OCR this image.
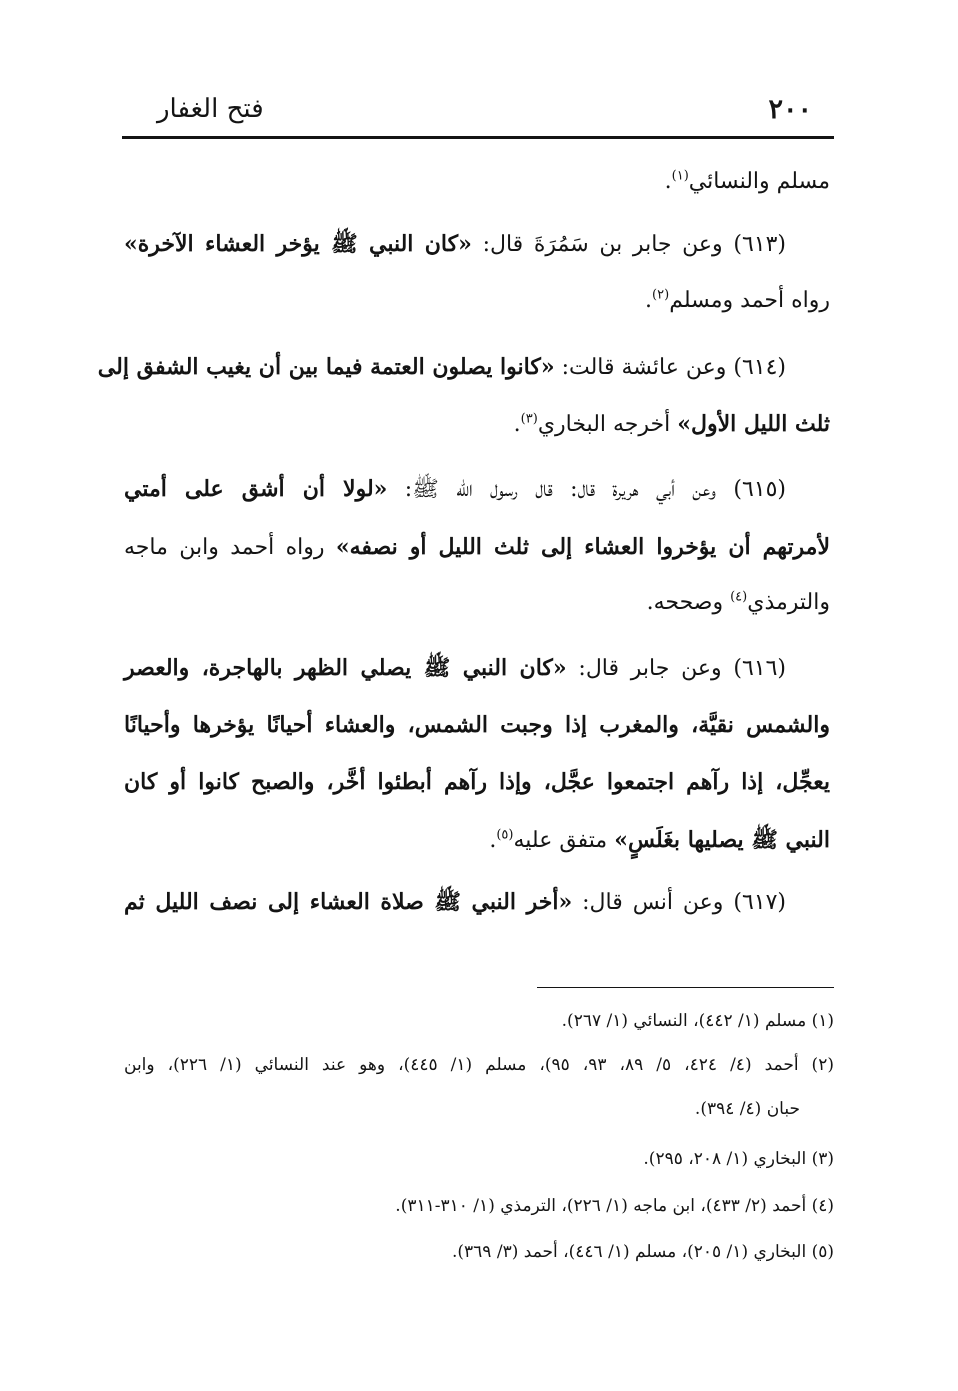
٢٠٠
فتح الغفار
مسلم والنسائي$^{(١)}$.
(٦١٣) وعن جابر بن سَمُرَةَ قال: «كان النبي ﷺ يؤخر العشاء الآخرة»
رواه أحمد ومسلم$^{(٢)}$.
(٦١٤) وعن عائشة قالت: «كانوا يصلون العتمة فيما بين أن يغيب الشفق إلى
ثلث الليل الأول» أخرجه البخاري$^{(٣)}$.
(٦١٥) وعن أبي هريرة قال: قال رسول الله ﷺ: «لولا أن أشق على أمتي
لأمرتهم أن يؤخروا العشاء إلى ثلث الليل أو نصفه» رواه أحمد وابن ماجه
والترمذي$^{(٤)}$ وصححه.
(٦١٦) وعن جابر قال: «كان النبي ﷺ يصلي الظهر بالهاجرة، والعصر
والشمس نقيَّة، والمغرب إذا وجبت الشمس، والعشاء أحيانًا يؤخرها وأحيانًا
يعجِّل، إذا رآهم اجتمعوا عجَّل، وإذا رآهم أبطئوا أخَّر، والصبح كانوا أو كان
النبي ﷺ يصليها بغَلَسٍ» متفق عليه$^{(٥)}$.
(٦١٧) وعن أنس قال: «أخر النبي ﷺ صلاة العشاء إلى نصف الليل ثم
(١) مسلم (١/ ٤٤٢)، النسائي (١/ ٢٦٧).
(٢) أحمد (٤/ ٤٢٤، ٥/ ٨٩، ٩٣، ٩٥)، مسلم (١/ ٤٤٥)، وهو عند النسائي (١/ ٢٢٦)، وابن
حبان (٤/ ٣٩٤).
(٣) البخاري (١/ ٢٠٨، ٢٩٥).
(٤) أحمد (٢/ ٤٣٣)، ابن ماجه (١/ ٢٢٦)، الترمذي (١/ ٣١٠-٣١١).
(٥) البخاري (١/ ٢٠٥)، مسلم (١/ ٤٤٦)، أحمد (٣/ ٣٦٩).
